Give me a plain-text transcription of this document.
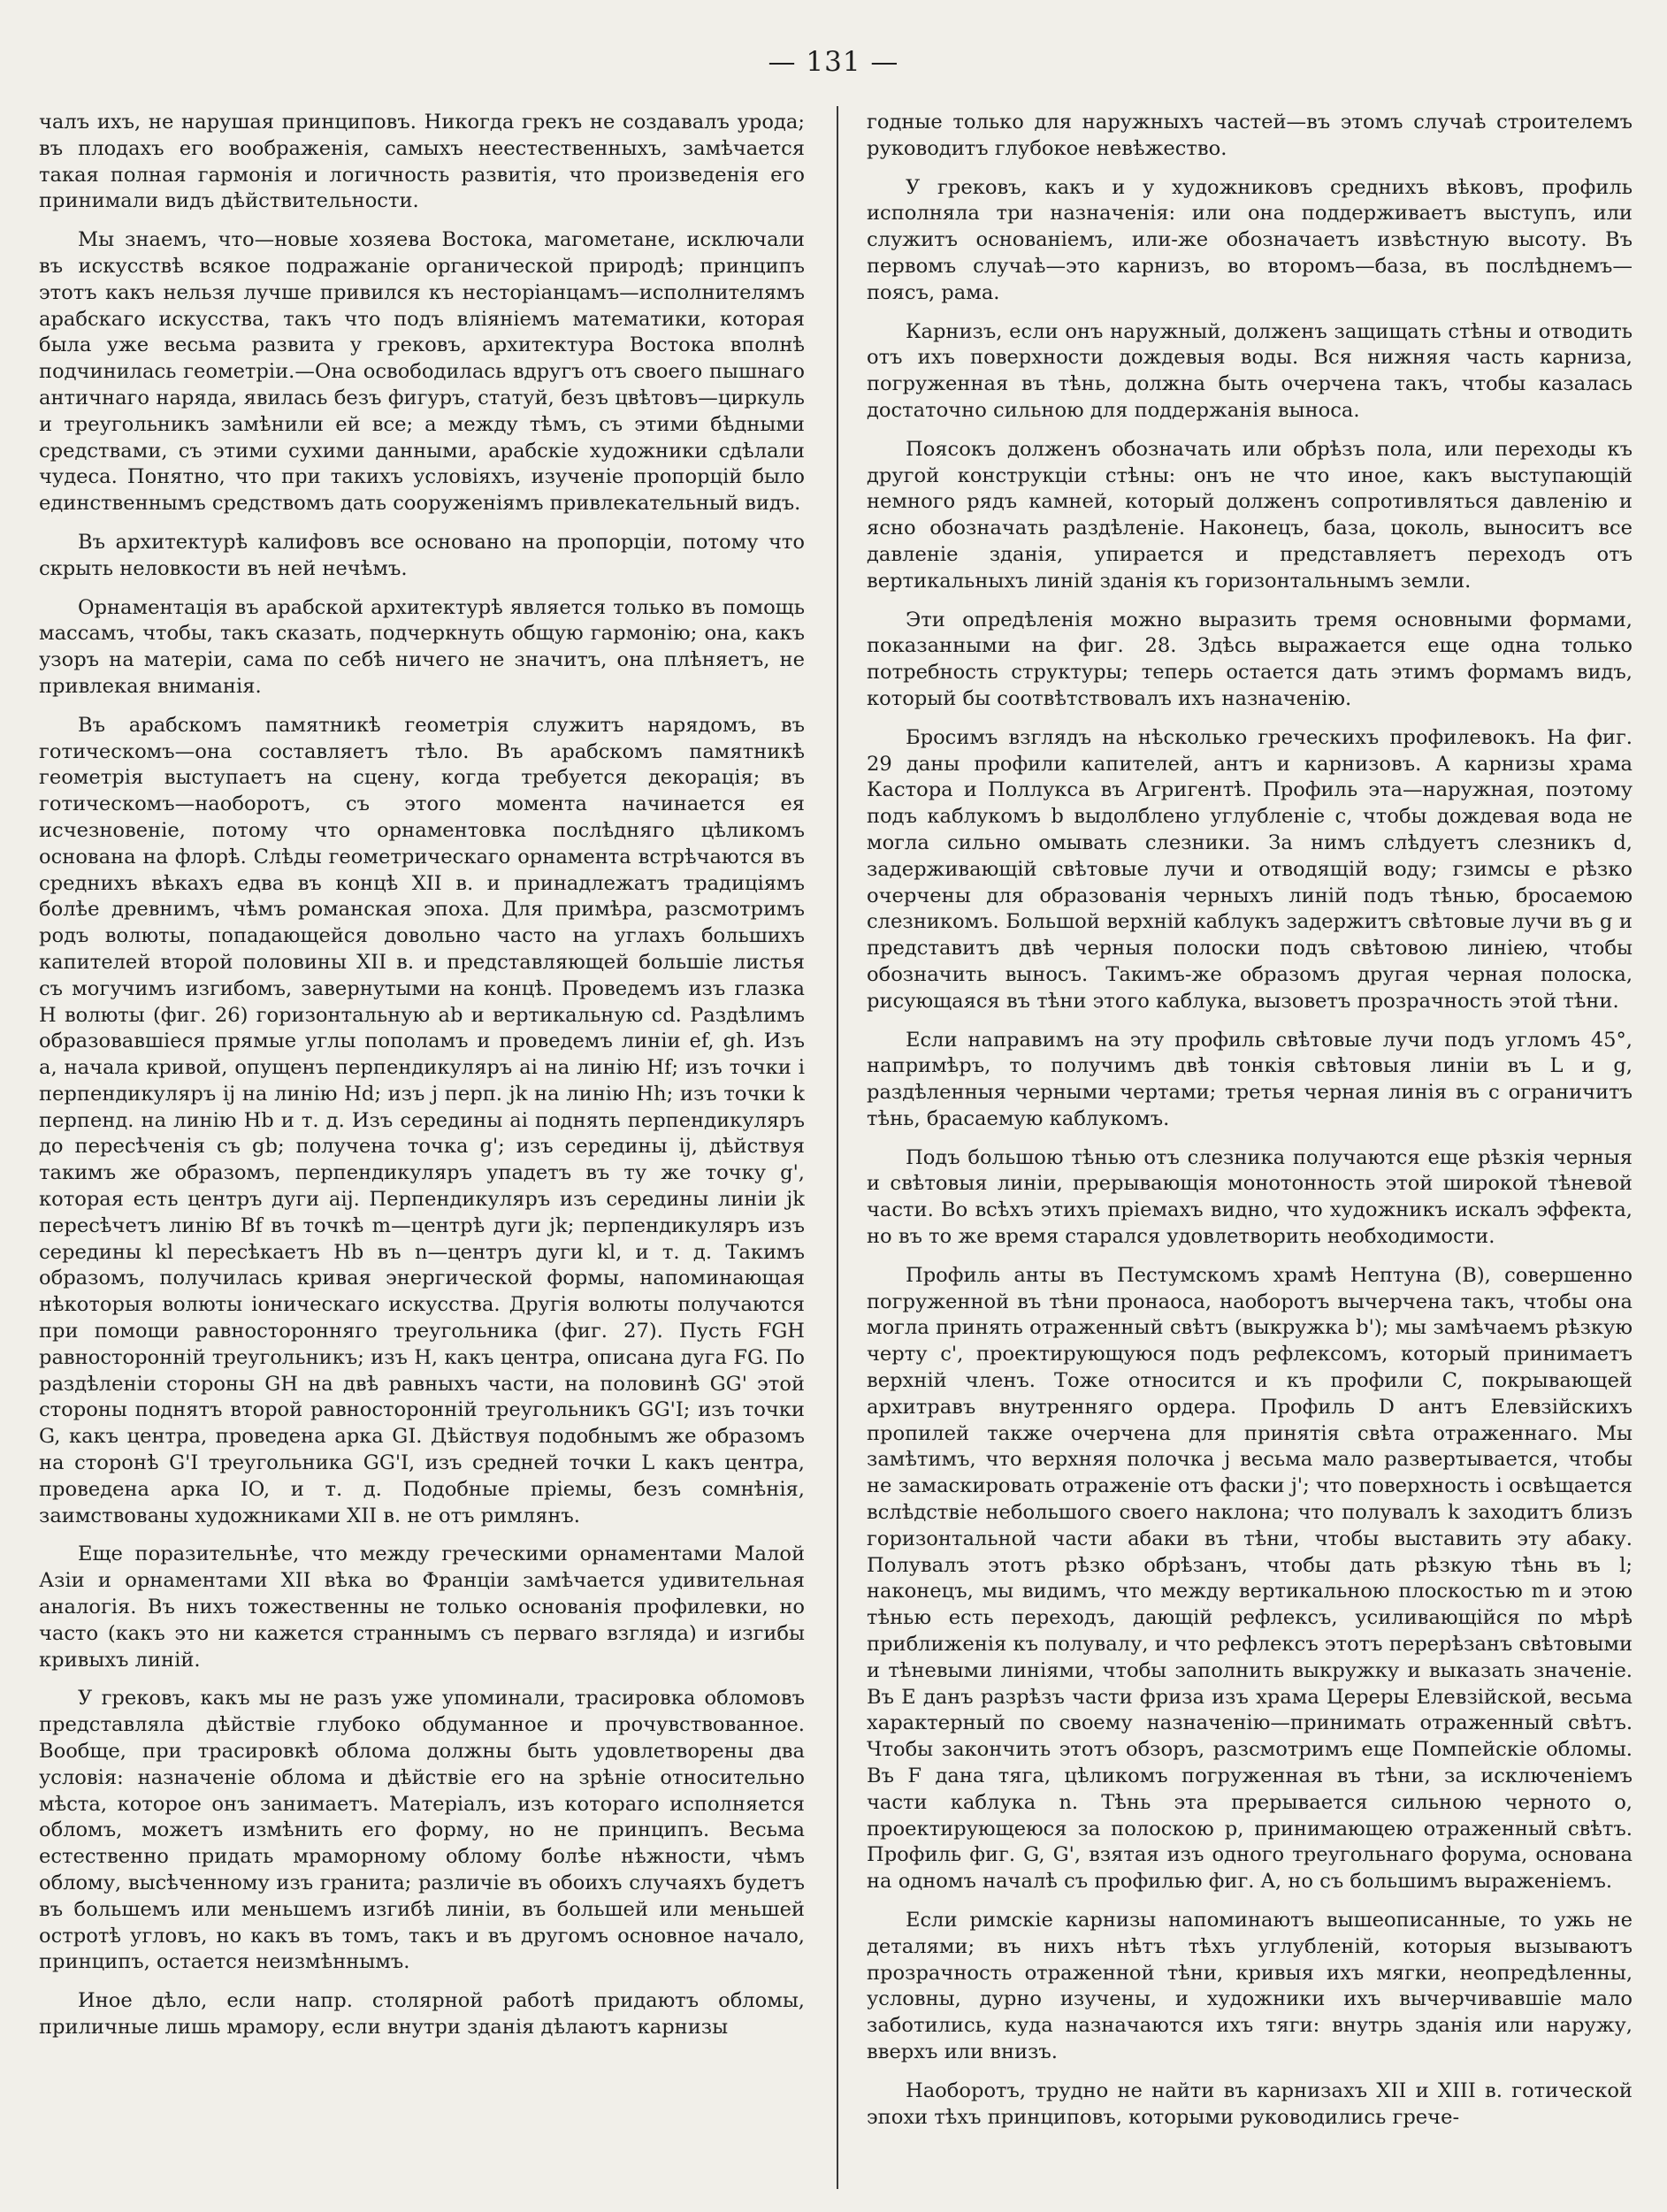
— 131 —

чалъ ихъ, не нарушая принциповъ. Никогда грекъ не создавалъ урода; въ плодахъ его воображенія, самыхъ неестественныхъ, замѣчается такая полная гармонія и логичность развитія, что произведенія его принимали видъ дѣйствительности.

Мы знаемъ, что—новые хозяева Востока, магометане, исключали въ искусствѣ всякое подражаніе органической природѣ; принципъ этотъ какъ нельзя лучше привился къ несторіанцамъ—исполнителямъ арабскаго искусства, такъ что подъ вліяніемъ математики, которая была уже весьма развита у грековъ, архитектура Востока вполнѣ подчинилась геометріи.—Она освободилась вдругъ отъ своего пышнаго античнаго наряда, явилась безъ фигуръ, статуй, безъ цвѣтовъ—циркуль и треугольникъ замѣнили ей все; а между тѣмъ, съ этими бѣдными средствами, съ этими сухими данными, арабскіе художники сдѣлали чудеса. Понятно, что при такихъ условіяхъ, изученіе пропорцій было единственнымъ средствомъ дать сооруженіямъ привлекательный видъ.

Въ архитектурѣ калифовъ все основано на пропорціи, потому что скрыть неловкости въ ней нечѣмъ.

Орнаментація въ арабской архитектурѣ является только въ помощь массамъ, чтобы, такъ сказать, подчеркнуть общую гармонію; она, какъ узоръ на матеріи, сама по себѣ ничего не значитъ, она плѣняетъ, не привлекая вниманія.

Въ арабскомъ памятникѣ геометрія служитъ нарядомъ, въ готическомъ—она составляетъ тѣло. Въ арабскомъ памятникѣ геометрія выступаетъ на сцену, когда требуется декорація; въ готическомъ—наоборотъ, съ этого момента начинается ея исчезновеніе, потому что орнаментовка послѣдняго цѣликомъ основана на флорѣ. Слѣды геометрическаго орнамента встрѣчаются въ среднихъ вѣкахъ едва въ концѣ XII в. и принадлежатъ традиціямъ болѣе древнимъ, чѣмъ романская эпоха. Для примѣра, разсмотримъ родъ волюты, попадающейся довольно часто на углахъ большихъ капителей второй половины XII в. и представляющей большіе листья съ могучимъ изгибомъ, завернутыми на концѣ. Проведемъ изъ глазка H волюты (фиг. 26) горизонтальную ab и вертикальную cd. Раздѣлимъ образовавшіеся прямые углы пополамъ и проведемъ линіи ef, gh. Изъ a, начала кривой, опущенъ перпендикуляръ ai на линію Hf; изъ точки i перпендикуляръ ij на линію Hd; изъ j перп. jk на линію Hh; изъ точки k перпенд. на линію Hb и т. д. Изъ середины ai поднять перпендикуляръ до пересѣченія съ gb; получена точка g'; изъ середины ij, дѣйствуя такимъ же образомъ, перпендикуляръ упадетъ въ ту же точку g', которая есть центръ дуги aij. Перпендикуляръ изъ середины линіи jk пересѣчетъ линію Bf въ точкѣ m—центрѣ дуги jk; перпендикуляръ изъ середины kl пересѣкаетъ Hb въ n—центръ дуги kl, и т. д. Такимъ образомъ, получилась кривая энергической формы, напоминающая нѣкоторыя волюты іоническаго искусства. Другія волюты получаются при помощи равносторонняго треугольника (фиг. 27). Пусть FGH равносторонній треугольникъ; изъ H, какъ центра, описана дуга FG. По раздѣленіи стороны GH на двѣ равныхъ части, на половинѣ GG' этой стороны поднятъ второй равносторонній треугольникъ GG'I; изъ точки G, какъ центра, проведена арка GI. Дѣйствуя подобнымъ же образомъ на сторонѣ G'I треугольника GG'I, изъ средней точки L какъ центра, проведена арка IO, и т. д. Подобные пріемы, безъ сомнѣнія, заимствованы художниками XII в. не отъ римлянъ.

Еще поразительнѣе, что между греческими орнаментами Малой Азіи и орнаментами XII вѣка во Франціи замѣчается удивительная аналогія. Въ нихъ тожественны не только основанія профилевки, но часто (какъ это ни кажется страннымъ съ перваго взгляда) и изгибы кривыхъ линій.

У грековъ, какъ мы не разъ уже упоминали, трасировка обломовъ представляла дѣйствіе глубоко обдуманное и прочувствованное. Вообще, при трасировкѣ облома должны быть удовлетворены два условія: назначеніе облома и дѣйствіе его на зрѣніе относительно мѣста, которое онъ занимаетъ. Матеріалъ, изъ котораго исполняется обломъ, можетъ измѣнить его форму, но не принципъ. Весьма естественно придать мраморному облому болѣе нѣжности, чѣмъ облому, высѣченному изъ гранита; различіе въ обоихъ случаяхъ будетъ въ большемъ или меньшемъ изгибѣ линіи, въ большей или меньшей остротѣ угловъ, но какъ въ томъ, такъ и въ другомъ основное начало, принципъ, остается неизмѣннымъ.

Иное дѣло, если напр. столярной работѣ придаютъ обломы, приличные лишь мрамору, если внутри зданія дѣлаютъ карнизы

годные только для наружныхъ частей—въ этомъ случаѣ строителемъ руководитъ глубокое невѣжество.

У грековъ, какъ и у художниковъ среднихъ вѣковъ, профиль исполняла три назначенія: или она поддерживаетъ выступъ, или служитъ основаніемъ, или-же обозначаетъ извѣстную высоту. Въ первомъ случаѣ—это карнизъ, во второмъ—база, въ послѣднемъ—поясъ, рама.

Карнизъ, если онъ наружный, долженъ защищать стѣны и отводить отъ ихъ поверхности дождевыя воды. Вся нижняя часть карниза, погруженная въ тѣнь, должна быть очерчена такъ, чтобы казалась достаточно сильною для поддержанія выноса.

Поясокъ долженъ обозначать или обрѣзъ пола, или переходы къ другой конструкціи стѣны: онъ не что иное, какъ выступающій немного рядъ камней, который долженъ сопротивляться давленію и ясно обозначать раздѣленіе. Наконецъ, база, цоколь, выноситъ все давленіе зданія, упирается и представляетъ переходъ отъ вертикальныхъ линій зданія къ горизонтальнымъ земли.

Эти опредѣленія можно выразить тремя основными формами, показанными на фиг. 28. Здѣсь выражается еще одна только потребность структуры; теперь остается дать этимъ формамъ видъ, который бы соотвѣтствовалъ ихъ назначенію.

Бросимъ взглядъ на нѣсколько греческихъ профилевокъ. На фиг. 29 даны профили капителей, антъ и карнизовъ. A карнизы храма Кастора и Поллукса въ Агригентѣ. Профиль эта—наружная, поэтому подъ каблукомъ b выдолблено углубленіе c, чтобы дождевая вода не могла сильно омывать слезники. За нимъ слѣдуетъ слезникъ d, задерживающій свѣтовые лучи и отводящій воду; гзимсы e рѣзко очерчены для образованія черныхъ линій подъ тѣнью, бросаемою слезникомъ. Большой верхній каблукъ задержитъ свѣтовые лучи въ g и представитъ двѣ черныя полоски подъ свѣтовою линіею, чтобы обозначить выносъ. Такимъ-же образомъ другая черная полоска, рисующаяся въ тѣни этого каблука, вызоветъ прозрачность этой тѣни.

Если направимъ на эту профиль свѣтовые лучи подъ угломъ 45°, напримѣръ, то получимъ двѣ тонкія свѣтовыя линіи въ L и g, раздѣленныя черными чертами; третья черная линія въ c ограничитъ тѣнь, брасаемую каблукомъ.

Подъ большою тѣнью отъ слезника получаются еще рѣзкія черныя и свѣтовыя линіи, прерывающія монотонность этой широкой тѣневой части. Во всѣхъ этихъ пріемахъ видно, что художникъ искалъ эффекта, но въ то же время старался удовлетворить необходимости.

Профиль анты въ Пестумскомъ храмѣ Нептуна (B), совершенно погруженной въ тѣни пронаоса, наоборотъ вычерчена такъ, чтобы она могла принять отраженный свѣтъ (выкружка b'); мы замѣчаемъ рѣзкую черту c', проектирующуюся подъ рефлексомъ, который принимаетъ верхній членъ. Тоже относится и къ профили C, покрывающей архитравъ внутренняго ордера. Профиль D антъ Елевзійскихъ пропилей также очерчена для принятія свѣта отраженнаго. Мы замѣтимъ, что верхняя полочка j весьма мало развертывается, чтобы не замаскировать отраженіе отъ фаски j'; что поверхность i освѣщается вслѣдствіе небольшого своего наклона; что полувалъ k заходитъ близъ горизонтальной части абаки въ тѣни, чтобы выставить эту абаку. Полувалъ этотъ рѣзко обрѣзанъ, чтобы дать рѣзкую тѣнь въ l; наконецъ, мы видимъ, что между вертикальною плоскостью m и этою тѣнью есть переходъ, дающій рефлексъ, усиливающійся по мѣрѣ приближенія къ полувалу, и что рефлексъ этотъ перерѣзанъ свѣтовыми и тѣневыми линіями, чтобы заполнить выкружку и выказать значеніе. Въ E данъ разрѣзъ части фриза изъ храма Цереры Елевзійской, весьма характерный по своему назначенію—принимать отраженный свѣтъ. Чтобы закончить этотъ обзоръ, разсмотримъ еще Помпейскіе обломы. Въ F дана тяга, цѣликомъ погруженная въ тѣни, за исключеніемъ части каблука n. Тѣнь эта прерывается сильною черното o, проектирующеюся за полоскою p, принимающею отраженный свѣтъ. Профиль фиг. G, G', взятая изъ одного треугольнаго форума, основана на одномъ началѣ съ профилью фиг. A, но съ большимъ выраженіемъ.

Если римскіе карнизы напоминаютъ вышеописанные, то ужь не деталями; въ нихъ нѣтъ тѣхъ углубленій, которыя вызываютъ прозрачность отраженной тѣни, кривыя ихъ мягки, неопредѣленны, условны, дурно изучены, и художники ихъ вычерчивавшіе мало заботились, куда назначаются ихъ тяги: внутрь зданія или наружу, вверхъ или внизъ.

Наоборотъ, трудно не найти въ карнизахъ XII и XIII в. готической эпохи тѣхъ принциповъ, которыми руководились грече-
